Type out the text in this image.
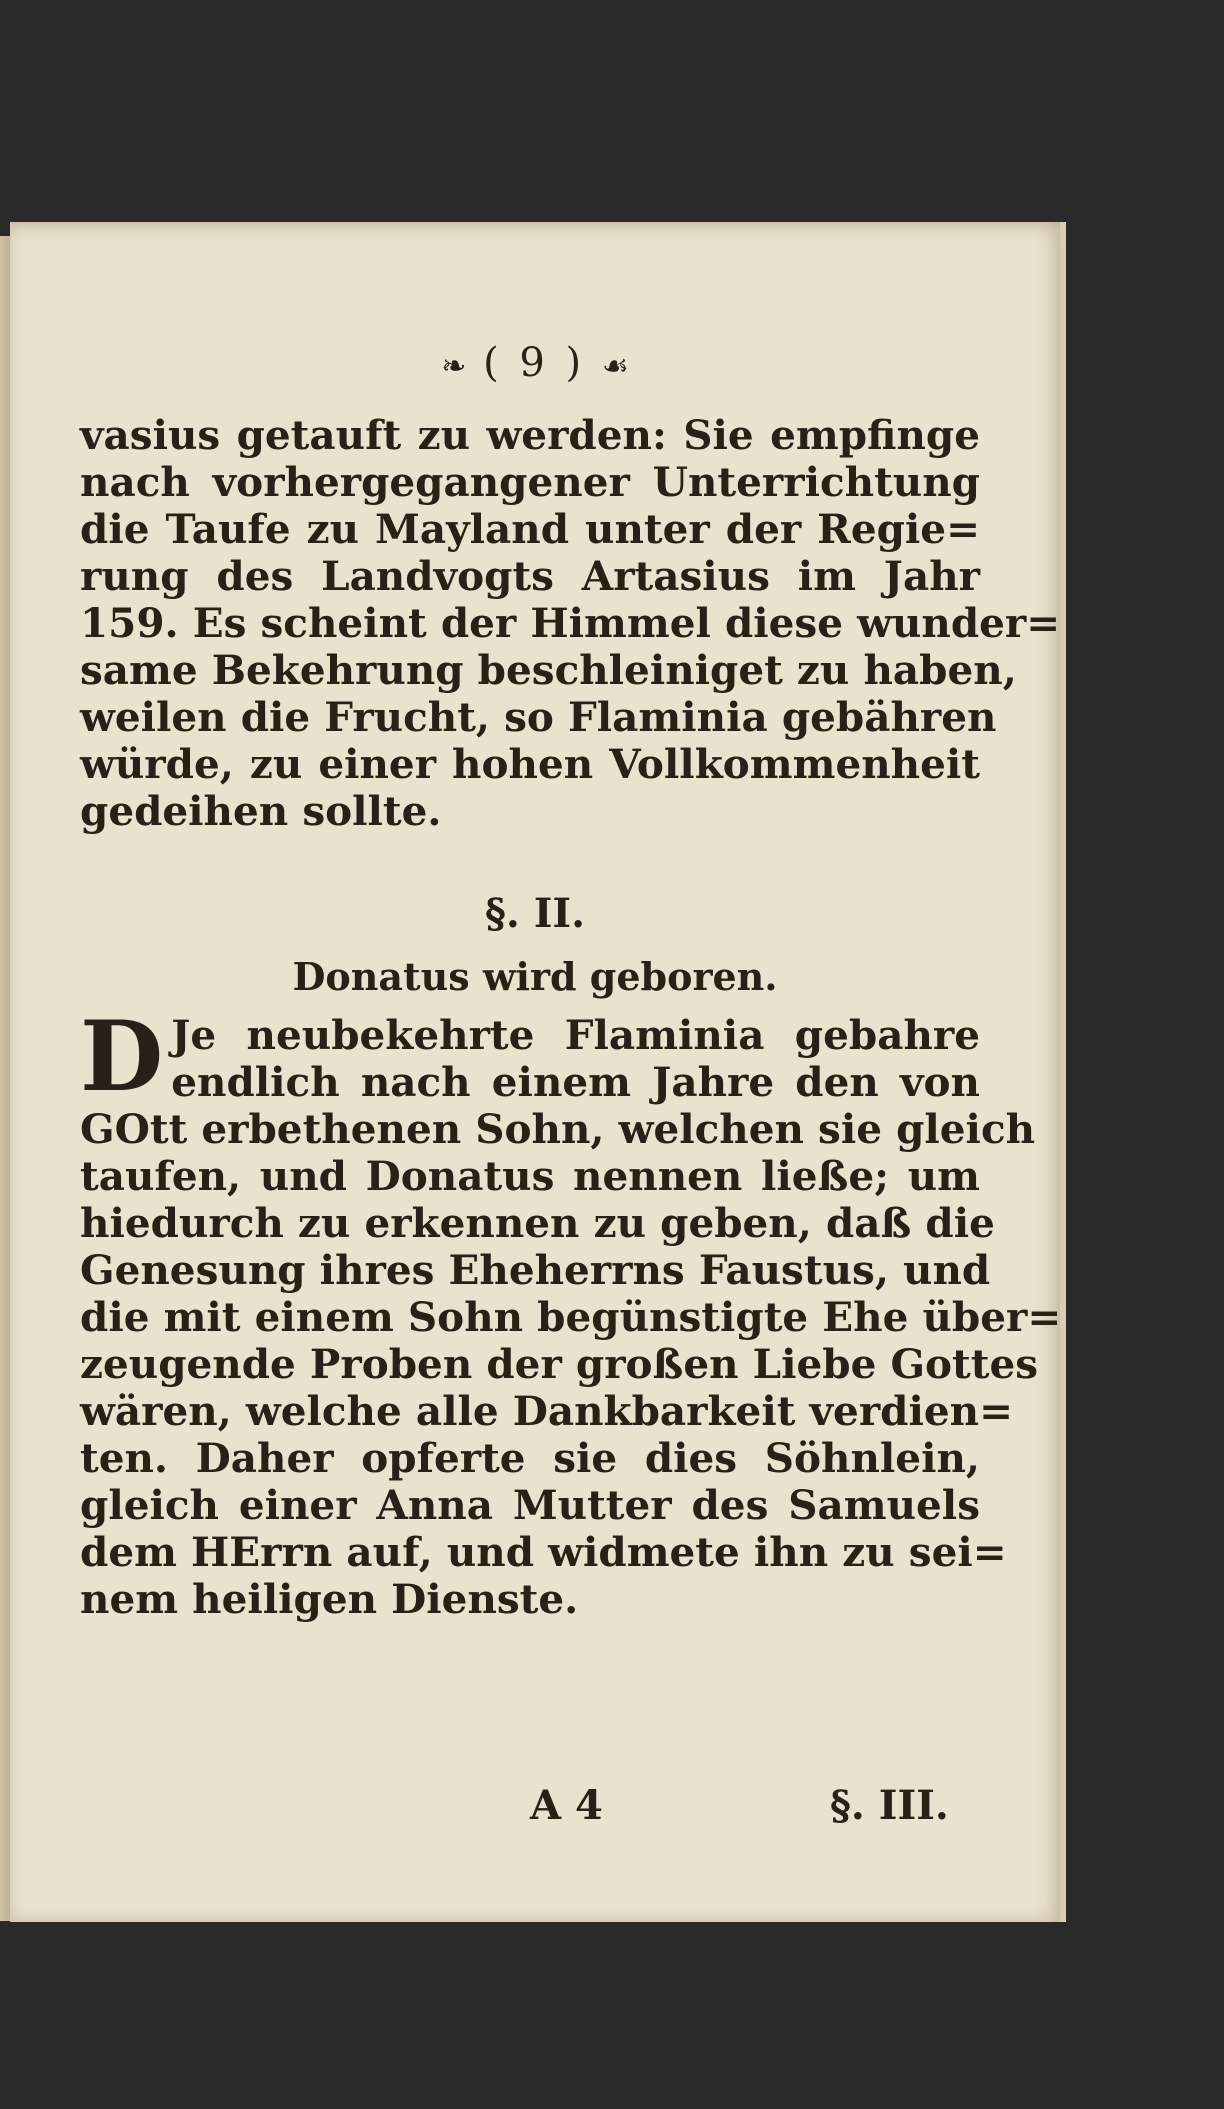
❧ ( 9 ) ☙
vasius getauft zu werden: Sie empfinge
nach vorhergegangener Unterrichtung
die Taufe zu Mayland unter der Regie=
rung des Landvogts Artasius im Jahr
159. Es scheint der Himmel diese wunder=
same Bekehrung beschleiniget zu haben,
weilen die Frucht, so Flaminia gebähren
würde, zu einer hohen Vollkommenheit
gedeihen sollte.
§. II.
Donatus wird geboren.
D Je neubekehrte Flaminia gebahre
endlich nach einem Jahre den von
GOtt erbethenen Sohn, welchen sie gleich
taufen, und Donatus nennen ließe; um
hiedurch zu erkennen zu geben, daß die
Genesung ihres Eheherrns Faustus, und
die mit einem Sohn begünstigte Ehe über=
zeugende Proben der großen Liebe Gottes
wären, welche alle Dankbarkeit verdien=
ten. Daher opferte sie dies Söhnlein,
gleich einer Anna Mutter des Samuels
dem HErrn auf, und widmete ihn zu sei=
nem heiligen Dienste.
A 4	§. III.
